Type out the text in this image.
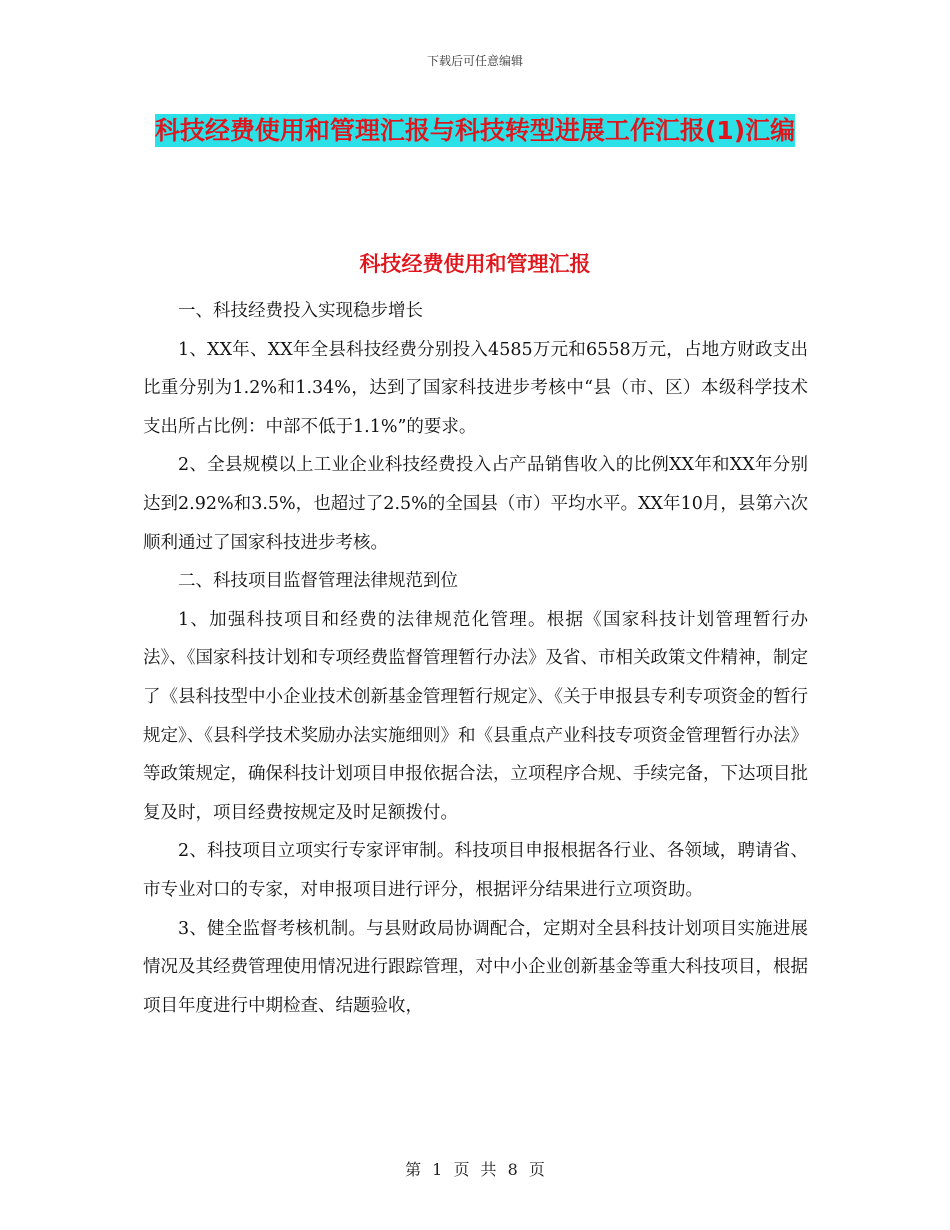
下载后可任意编辑
科技经费使用和管理汇报与科技转型进展工作汇报(1)汇编
科技经费使用和管理汇报

一、科技经费投入实现稳步增长

1、XX年、XX年全县科技经费分别投入4585万元和6558万元，占地方财政支出比重分别为1.2%和1.34%，达到了国家科技进步考核中“县（市、区）本级科学技术支出所占比例：中部不低于1.1%”的要求。

2、全县规模以上工业企业科技经费投入占产品销售收入的比例XX年和XX年分别达到2.92%和3.5%，也超过了2.5%的全国县（市）平均水平。XX年10月，县第六次顺利通过了国家科技进步考核。

二、科技项目监督管理法律规范到位

1、加强科技项目和经费的法律规范化管理。根据《国家科技计划管理暂行办法》、《国家科技计划和专项经费监督管理暂行办法》及省、市相关政策文件精神，制定了《县科技型中小企业技术创新基金管理暂行规定》、《关于申报县专利专项资金的暂行规定》、《县科学技术奖励办法实施细则》和《县重点产业科技专项资金管理暂行办法》等政策规定，确保科技计划项目申报依据合法，立项程序合规、手续完备，下达项目批复及时，项目经费按规定及时足额拨付。

2、科技项目立项实行专家评审制。科技项目申报根据各行业、各领域，聘请省、市专业对口的专家，对申报项目进行评分，根据评分结果进行立项资助。

3、健全监督考核机制。与县财政局协调配合，定期对全县科技计划项目实施进展情况及其经费管理使用情况进行跟踪管理，对中小企业创新基金等重大科技项目，根据项目年度进行中期检查、结题验收，

第 1 页 共 8 页
